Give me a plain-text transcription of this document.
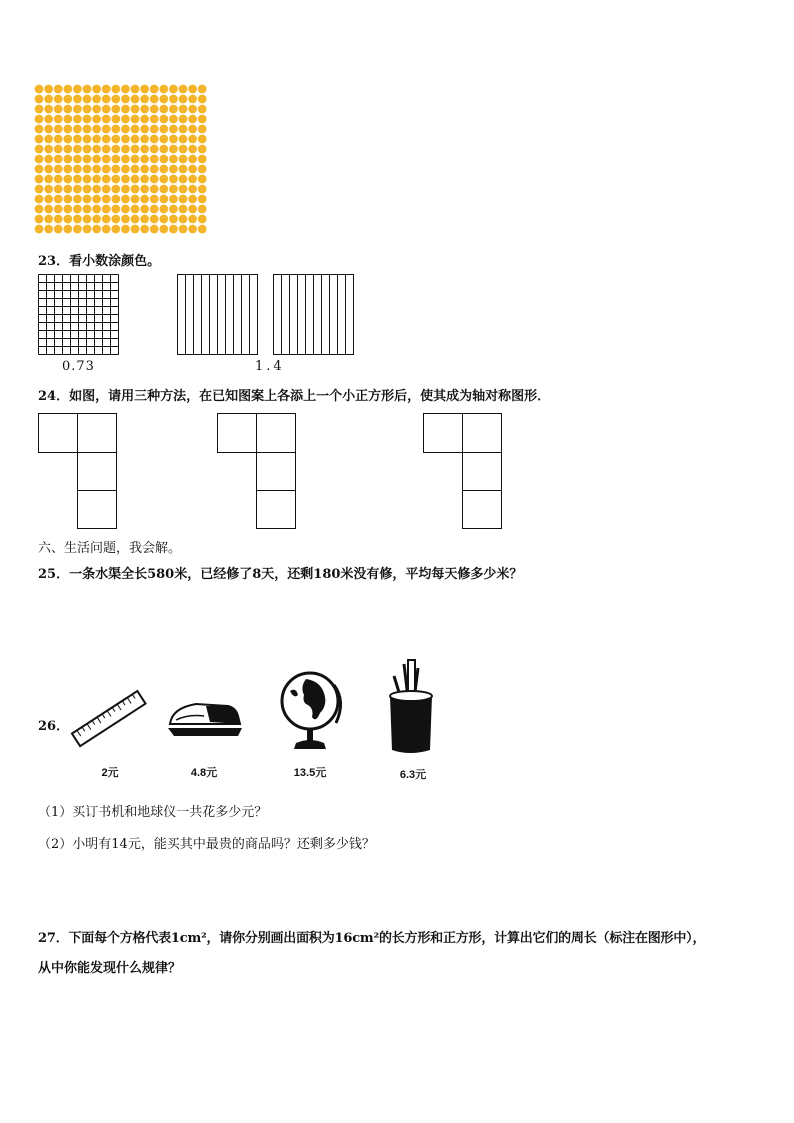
23．看小数涂颜色。
0.73	1.4
24．如图，请用三种方法，在已知图案上各添上一个小正方形后，使其成为轴对称图形．
六、生活问题，我会解。
25．一条水渠全长580米，已经修了8天，还剩180米没有修，平均每天修多少米？
26．
2元	4.8元	13.5元	6.3元
（1）买订书机和地球仪一共花多少元？
（2）小明有14元，能买其中最贵的商品吗？还剩多少钱？
27．下面每个方格代表1cm²，请你分别画出面积为16cm²的长方形和正方形，计算出它们的周长（标注在图形中），
从中你能发现什么规律？
